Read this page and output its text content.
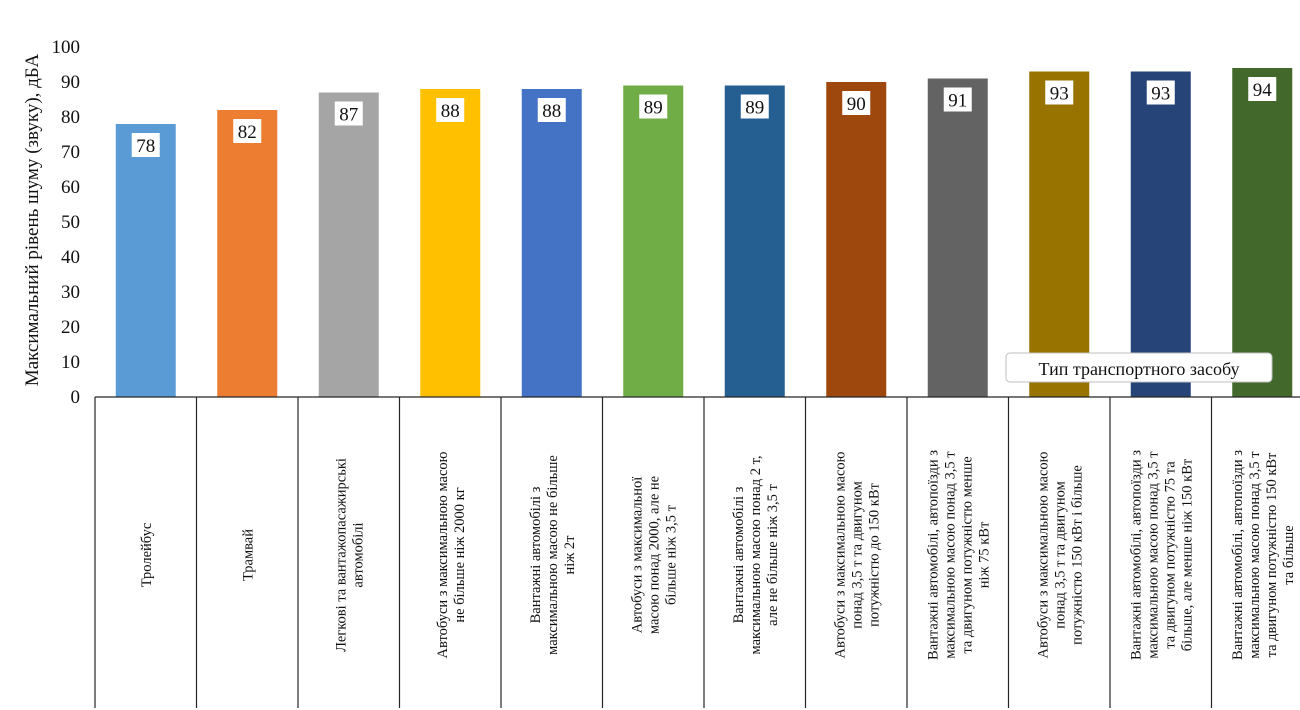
Максимальний рівень шуму (звуку), дБА
0
10
20
30
40
50
60
70
80
90
100
78
82
87	88	88	89	89	90	91	93	93	94
Тролейбус	Трамвай	Легкові та вантажопасажирськіавтомобілі	Автобуси з максимальною масоюне більше ніж 2000 кг	Вантажні автомобілі змаксимальною масою не більшеніж 2т	Автобуси з максимальноїмасою понад 2000, але небільше ніж 3,5 т	Вантажні автомобілі змаксимальною масою понад 2 т,але не більше ніж 3,5 т	Автобуси з максимальною масоюпонад 3,5 т та двигуномпотужністю до 150 кВт	Вантажні автомобілі, автопоїзди змаксимальною масою понад 3,5 тта двигуном потужністю меншеніж 75 кВт	Автобуси з максимальною масоюпонад 3,5 т та двигуномпотужністю 150 кВт і більше	Вантажні автомобілі, автопоїзди змаксимальною масою понад 3,5 тта двигуном потужністю 75 табільше, але менше ніж 150 кВт Вантажні автомобілі, автопоїзди змаксимальною масою понад 3,5 тта двигуном потужністю 150 кВтта більше
Тип транспортного засобу
